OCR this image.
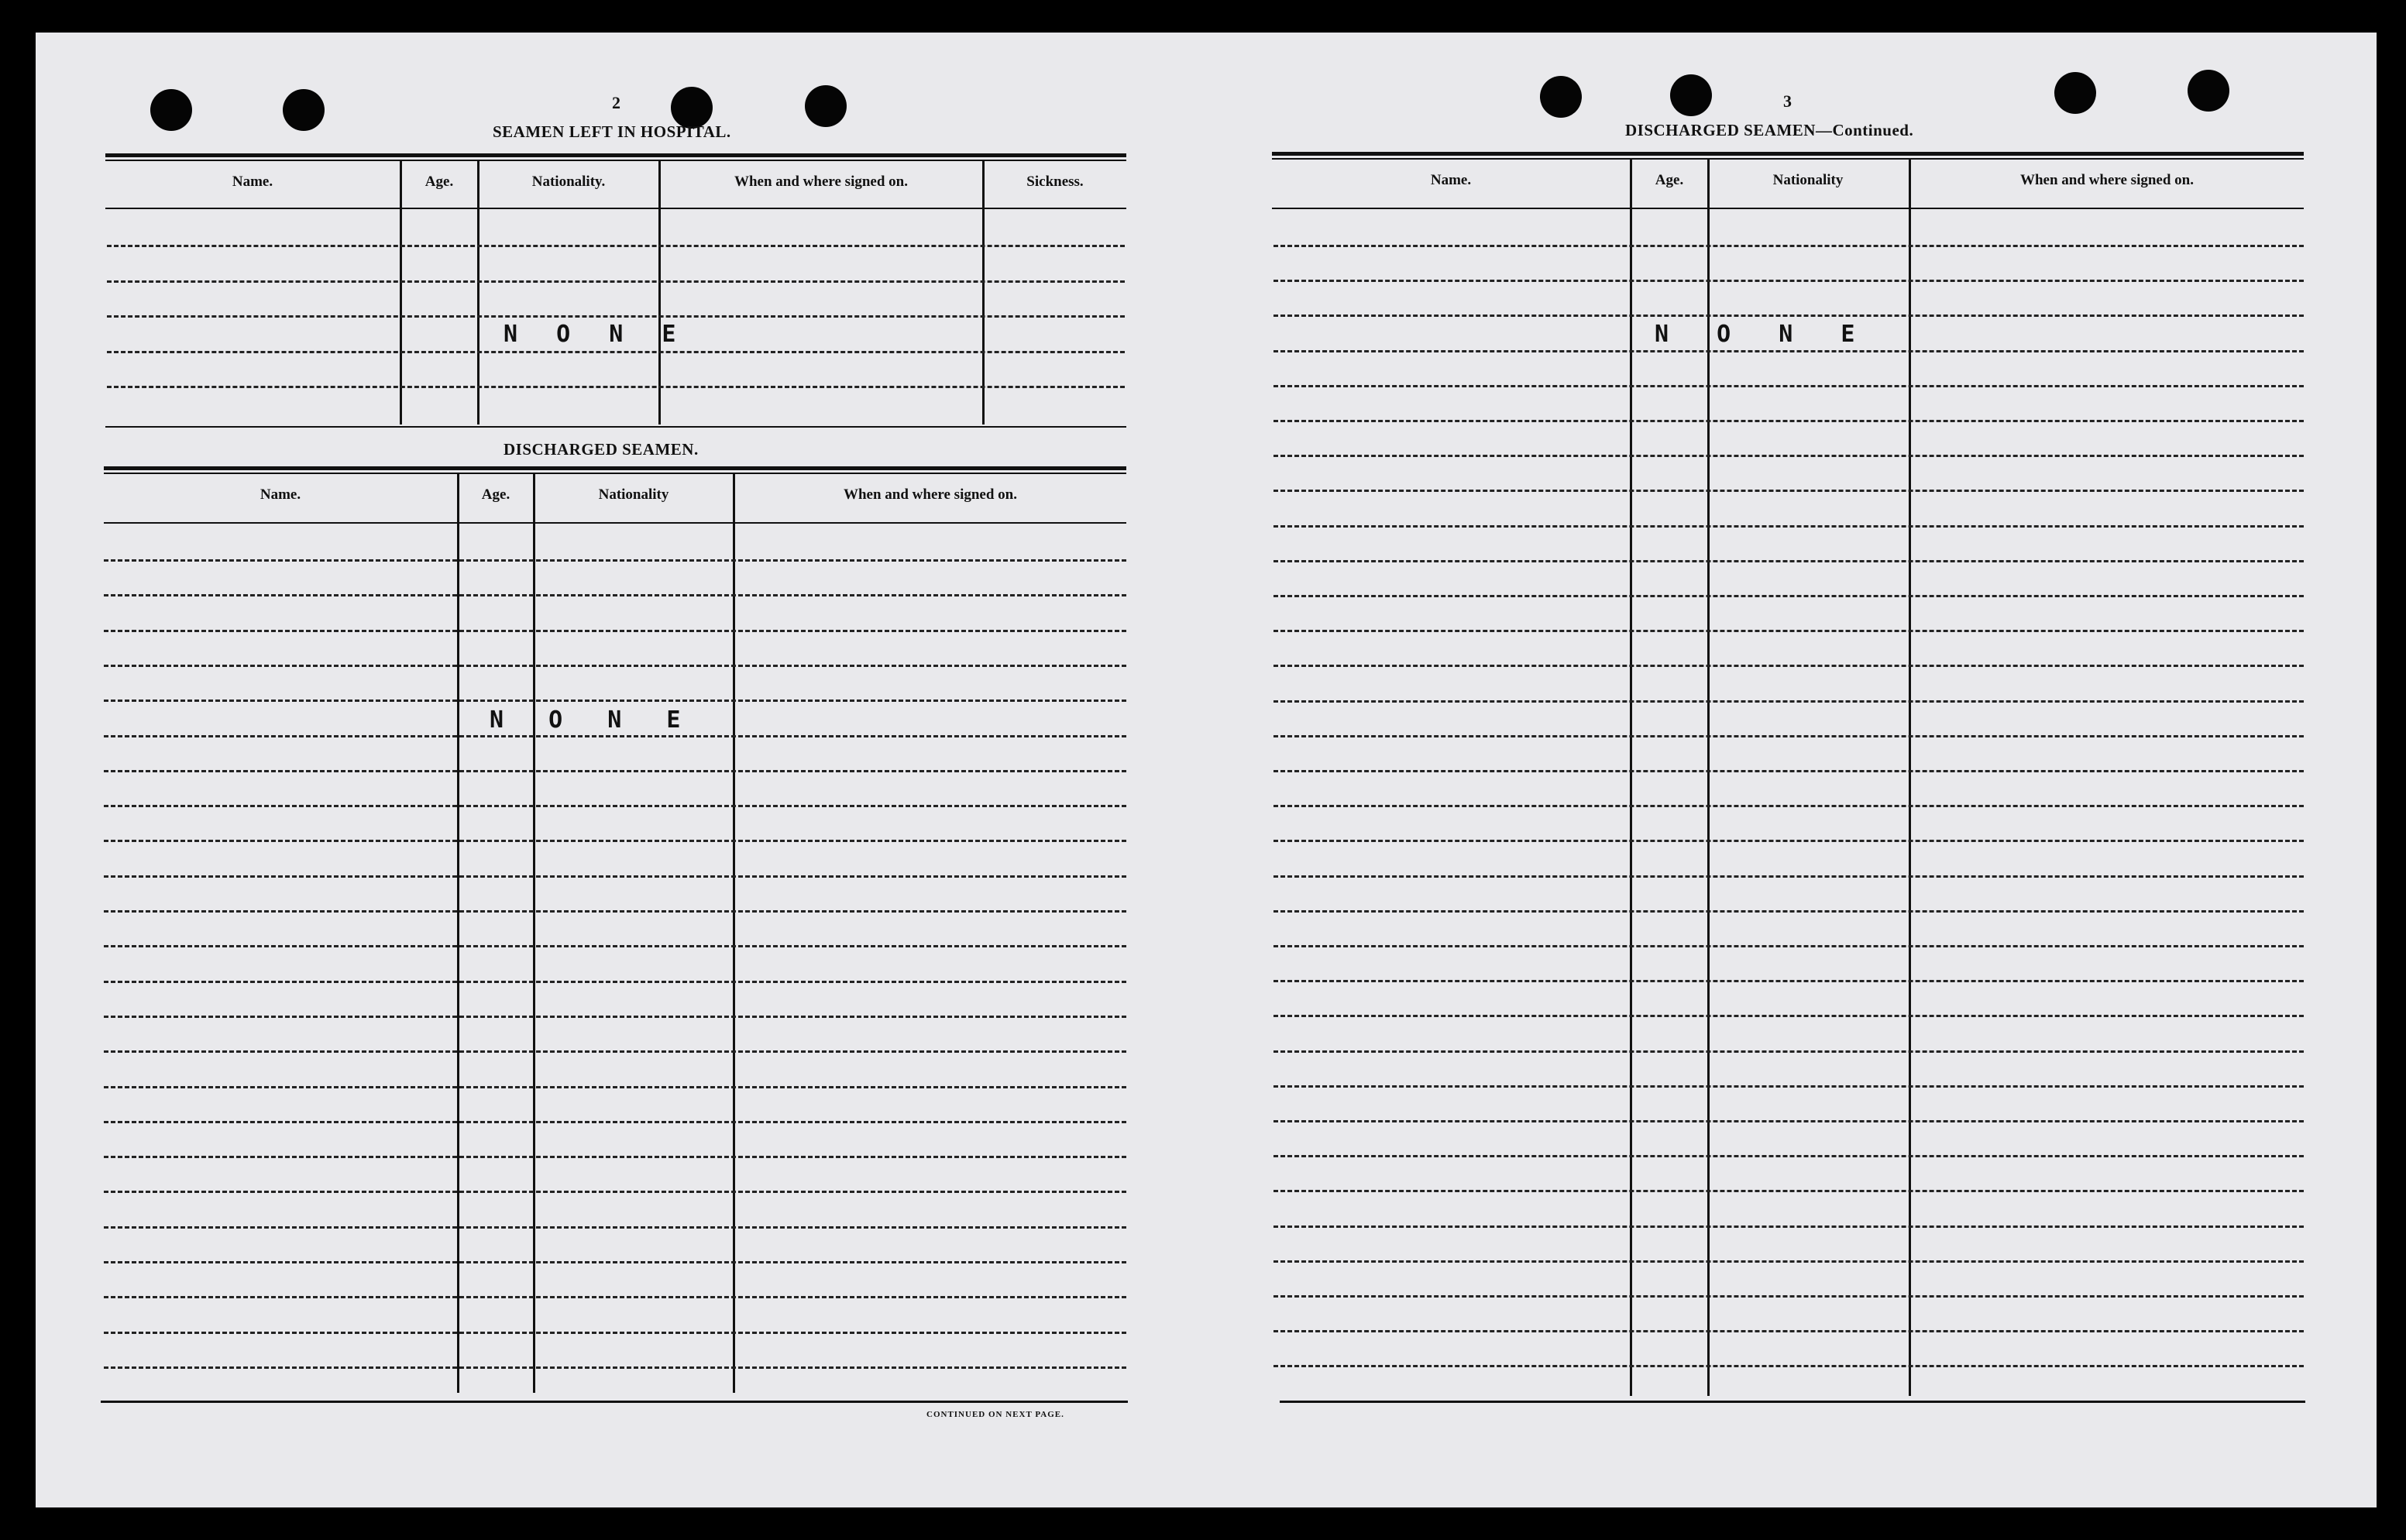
2
SEAMEN LEFT IN HOSPITAL.
Name.	Age.	Nationality.	When and where signed on.	Sickness.
N O N E
DISCHARGED SEAMEN.
Name.	Age.	Nationality	When and where signed on.
N O N E
CONTINUED ON NEXT PAGE.
3
DISCHARGED SEAMEN—Continued.
Name.	Age.	Nationality	When and where signed on.
N O N E
